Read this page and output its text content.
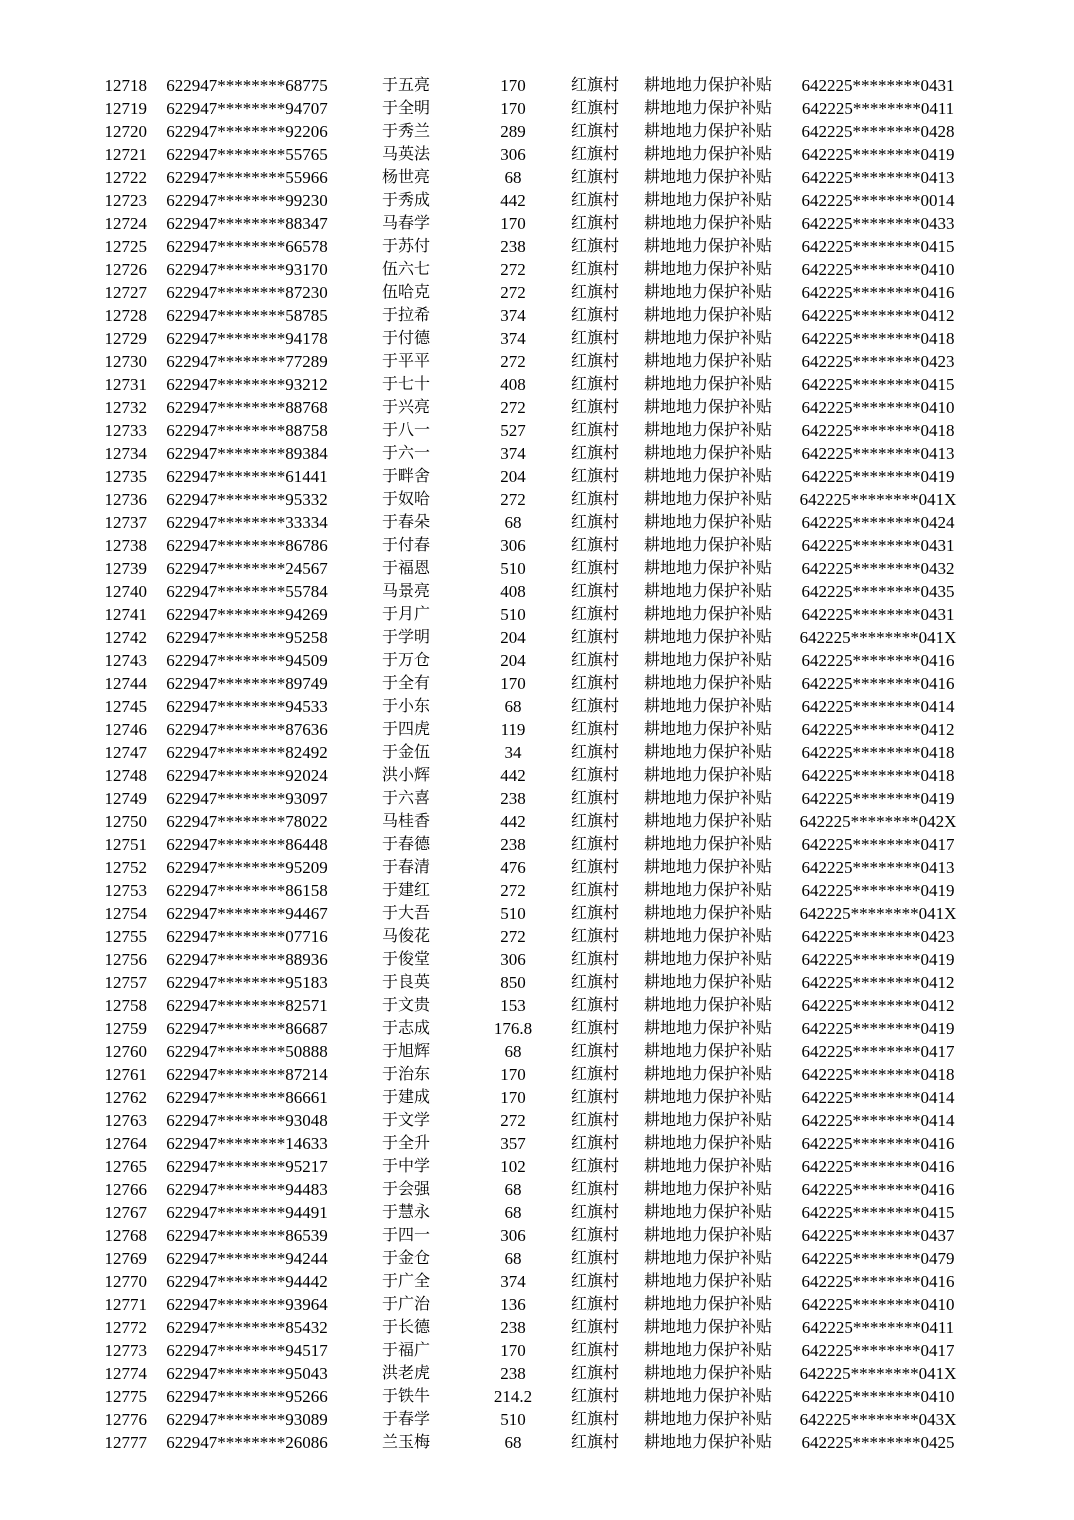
12718	622947********68775	于五亮	170	红旗村	耕地地力保护补贴	642225********0431
12719	622947********94707	于全明	170	红旗村	耕地地力保护补贴	642225********0411
12720	622947********92206	于秀兰	289	红旗村	耕地地力保护补贴	642225********0428
12721	622947********55765	马英法	306	红旗村	耕地地力保护补贴	642225********0419
12722	622947********55966	杨世亮	68	红旗村	耕地地力保护补贴	642225********0413
12723	622947********99230	于秀成	442	红旗村	耕地地力保护补贴	642225********0014
12724	622947********88347	马春学	170	红旗村	耕地地力保护补贴	642225********0433
12725	622947********66578	于苏付	238	红旗村	耕地地力保护补贴	642225********0415
12726	622947********93170	伍六七	272	红旗村	耕地地力保护补贴	642225********0410
12727	622947********87230	伍哈克	272	红旗村	耕地地力保护补贴	642225********0416
12728	622947********58785	于拉希	374	红旗村	耕地地力保护补贴	642225********0412
12729	622947********94178	于付德	374	红旗村	耕地地力保护补贴	642225********0418
12730	622947********77289	于平平	272	红旗村	耕地地力保护补贴	642225********0423
12731	622947********93212	于七十	408	红旗村	耕地地力保护补贴	642225********0415
12732	622947********88768	于兴亮	272	红旗村	耕地地力保护补贴	642225********0410
12733	622947********88758	于八一	527	红旗村	耕地地力保护补贴	642225********0418
12734	622947********89384	于六一	374	红旗村	耕地地力保护补贴	642225********0413
12735	622947********61441	于畔舍	204	红旗村	耕地地力保护补贴	642225********0419
12736	622947********95332	于奴哈	272	红旗村	耕地地力保护补贴	642225********041X
12737	622947********33334	于春朵	68	红旗村	耕地地力保护补贴	642225********0424
12738	622947********86786	于付春	306	红旗村	耕地地力保护补贴	642225********0431
12739	622947********24567	于福恩	510	红旗村	耕地地力保护补贴	642225********0432
12740	622947********55784	马景亮	408	红旗村	耕地地力保护补贴	642225********0435
12741	622947********94269	于月广	510	红旗村	耕地地力保护补贴	642225********0431
12742	622947********95258	于学明	204	红旗村	耕地地力保护补贴	642225********041X
12743	622947********94509	于万仓	204	红旗村	耕地地力保护补贴	642225********0416
12744	622947********89749	于全有	170	红旗村	耕地地力保护补贴	642225********0416
12745	622947********94533	于小东	68	红旗村	耕地地力保护补贴	642225********0414
12746	622947********87636	于四虎	119	红旗村	耕地地力保护补贴	642225********0412
12747	622947********82492	于金伍	34	红旗村	耕地地力保护补贴	642225********0418
12748	622947********92024	洪小辉	442	红旗村	耕地地力保护补贴	642225********0418
12749	622947********93097	于六喜	238	红旗村	耕地地力保护补贴	642225********0419
12750	622947********78022	马桂香	442	红旗村	耕地地力保护补贴	642225********042X
12751	622947********86448	于春德	238	红旗村	耕地地力保护补贴	642225********0417
12752	622947********95209	于春清	476	红旗村	耕地地力保护补贴	642225********0413
12753	622947********86158	于建红	272	红旗村	耕地地力保护补贴	642225********0419
12754	622947********94467	于大吾	510	红旗村	耕地地力保护补贴	642225********041X
12755	622947********07716	马俊花	272	红旗村	耕地地力保护补贴	642225********0423
12756	622947********88936	于俊堂	306	红旗村	耕地地力保护补贴	642225********0419
12757	622947********95183	于良英	850	红旗村	耕地地力保护补贴	642225********0412
12758	622947********82571	于文贵	153	红旗村	耕地地力保护补贴	642225********0412
12759	622947********86687	于志成	176.8	红旗村	耕地地力保护补贴	642225********0419
12760	622947********50888	于旭辉	68	红旗村	耕地地力保护补贴	642225********0417
12761	622947********87214	于治东	170	红旗村	耕地地力保护补贴	642225********0418
12762	622947********86661	于建成	170	红旗村	耕地地力保护补贴	642225********0414
12763	622947********93048	于文学	272	红旗村	耕地地力保护补贴	642225********0414
12764	622947********14633	于全升	357	红旗村	耕地地力保护补贴	642225********0416
12765	622947********95217	于中学	102	红旗村	耕地地力保护补贴	642225********0416
12766	622947********94483	于会强	68	红旗村	耕地地力保护补贴	642225********0416
12767	622947********94491	于慧永	68	红旗村	耕地地力保护补贴	642225********0415
12768	622947********86539	于四一	306	红旗村	耕地地力保护补贴	642225********0437
12769	622947********94244	于金仓	68	红旗村	耕地地力保护补贴	642225********0479
12770	622947********94442	于广全	374	红旗村	耕地地力保护补贴	642225********0416
12771	622947********93964	于广治	136	红旗村	耕地地力保护补贴	642225********0410
12772	622947********85432	于长德	238	红旗村	耕地地力保护补贴	642225********0411
12773	622947********94517	于福广	170	红旗村	耕地地力保护补贴	642225********0417
12774	622947********95043	洪老虎	238	红旗村	耕地地力保护补贴	642225********041X
12775	622947********95266	于铁牛	214.2	红旗村	耕地地力保护补贴	642225********0410
12776	622947********93089	于春学	510	红旗村	耕地地力保护补贴	642225********043X
12777	622947********26086	兰玉梅	68	红旗村	耕地地力保护补贴	642225********0425
